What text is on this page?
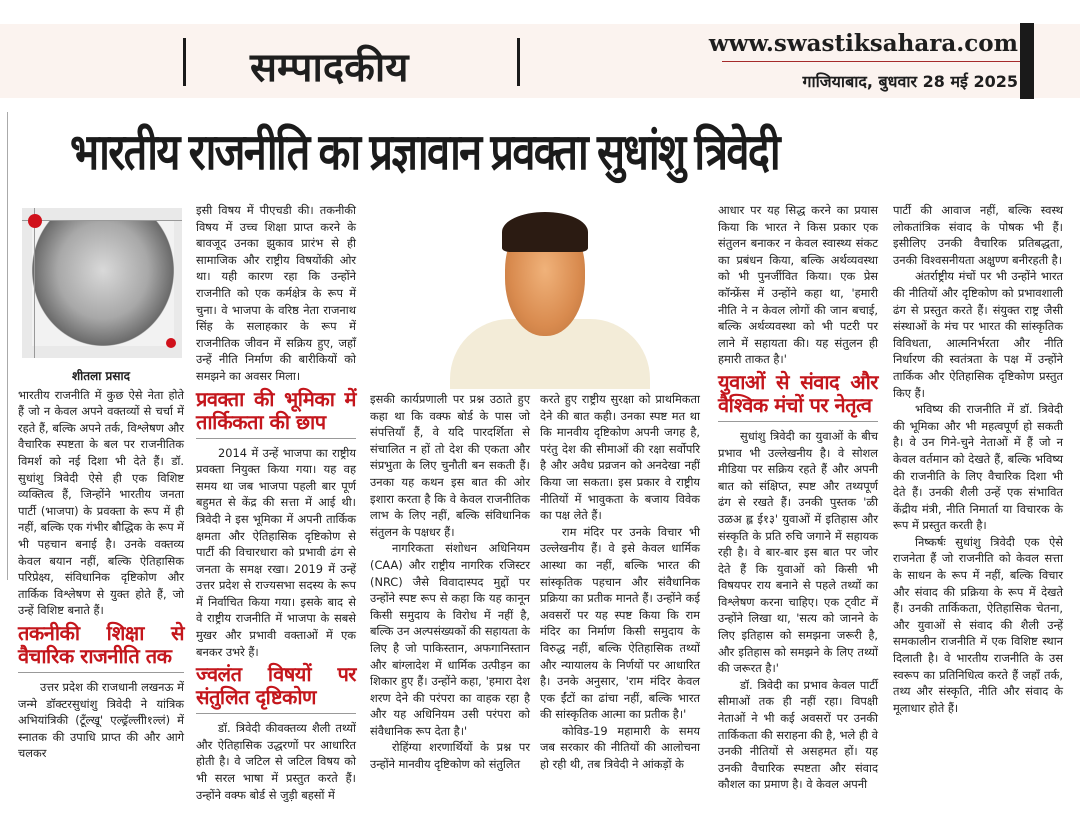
सम्पादकीय
www.swastiksahara.com
गाजियाबाद, बुधवार 28 मई 2025
भारतीय राजनीति का प्रज्ञावान प्रवक्ता सुधांशु त्रिवेदी
शीतला प्रसाद

भारतीय राजनीति में कुछ ऐसे नेता होते हैं जो न केवल अपने वक्तव्यों से चर्चा में रहते हैं, बल्कि अपने तर्क, विश्लेषण और वैचारिक स्पष्टता के बल पर राजनीतिक विमर्श को नई दिशा भी देते हैं। डॉ. सुधांशु त्रिवेदी ऐसे ही एक विशिष्ट व्यक्तित्व हैं, जिन्होंने भारतीय जनता पार्टी (भाजपा) के प्रवक्ता के रूप में ही नहीं, बल्कि एक गंभीर बौद्धिक के रूप में भी पहचान बनाई है। उनके वक्तव्य केवल बयान नहीं, बल्कि ऐतिहासिक परिप्रेक्ष्य, संविधानिक दृष्टिकोण और तार्किक विश्लेषण से युक्त होते हैं, जो उन्हें विशिष्ट बनाते हैं।

तकनीकी शिक्षा से वैचारिक राजनीति तक

उत्तर प्रदेश की राजधानी लखनऊ में जन्मे डॉक्टरसुधांशु त्रिवेदी ने यांत्रिक अभियांत्रिकी (टूँल्खू' एल्ढ्रॅल्लीी१ल्लं) में स्नातक की उपाधि प्राप्त की और आगे चलकर

इसी विषय में पीएचडी की। तकनीकी विषय में उच्च शिक्षा प्राप्त करने के बावजूद उनका झुकाव प्रारंभ से ही सामाजिक और राष्ट्रीय विषयोंकी ओर था। यही कारण रहा कि उन्होंने राजनीति को एक कर्मक्षेत्र के रूप में चुना। वे भाजपा के वरिष्ठ नेता राजनाथ सिंह के सलाहकार के रूप में राजनीतिक जीवन में सक्रिय हुए, जहाँ उन्हें नीति निर्माण की बारीकियों को समझने का अवसर मिला।

प्रवक्ता की भूमिका में तार्किकता की छाप

2014 में उन्हें भाजपा का राष्ट्रीय प्रवक्ता नियुक्त किया गया। यह वह समय था जब भाजपा पहली बार पूर्ण बहुमत से केंद्र की सत्ता में आई थी। त्रिवेदी ने इस भूमिका में अपनी तार्किक क्षमता और ऐतिहासिक दृष्टिकोण से पार्टी की विचारधारा को प्रभावी ढंग से जनता के समक्ष रखा। 2019 में उन्हें उत्तर प्रदेश से राज्यसभा सदस्य के रूप में निर्वाचित किया गया। इसके बाद से वे राष्ट्रीय राजनीति में भाजपा के सबसे मुखर और प्रभावी वक्ताओं में एक बनकर उभरे हैं।

ज्वलंत विषयों पर संतुलित दृष्टिकोण

डॉ. त्रिवेदी कीवक्तव्य शैली तथ्यों और ऐतिहासिक उद्धरणों पर आधारित होती है। वे जटिल से जटिल विषय को भी सरल भाषा में प्रस्तुत करते हैं। उन्होंने वक्फ बोर्ड से जुड़ी बहसों में

इसकी कार्यप्रणाली पर प्रश्न उठाते हुए कहा था कि वक्फ बोर्ड के पास जो संपत्तियाँ हैं, वे यदि पारदर्शिता से संचालित न हों तो देश की एकता और संप्रभुता के लिए चुनौती बन सकती हैं। उनका यह कथन इस बात की ओर इशारा करता है कि वे केवल राजनीतिक लाभ के लिए नहीं, बल्कि संविधानिक संतुलन के पक्षधर हैं।

नागरिकता संशोधन अधिनियम (CAA) और राष्ट्रीय नागरिक रजिस्टर (NRC) जैसे विवादास्पद मुद्दों पर उन्होंने स्पष्ट रूप से कहा कि यह कानून किसी समुदाय के विरोध में नहीं है, बल्कि उन अल्पसंख्यकों की सहायता के लिए है जो पाकिस्तान, अफगानिस्तान और बांग्लादेश में धार्मिक उत्पीड़न का शिकार हुए हैं। उन्होंने कहा, 'हमारा देश शरण देने की परंपरा का वाहक रहा है और यह अधिनियम उसी परंपरा को संवैधानिक रूप देता है।'

रोहिंग्या शरणार्थियों के प्रश्न पर उन्होंने मानवीय दृष्टिकोण को संतुलित

करते हुए राष्ट्रीय सुरक्षा को प्राथमिकता देने की बात कही। उनका स्पष्ट मत था कि मानवीय दृष्टिकोण अपनी जगह है, परंतु देश की सीमाओं की रक्षा सर्वोपरि है और अवैध प्रव्रजन को अनदेखा नहीं किया जा सकता। इस प्रकार वे राष्ट्रीय नीतियों में भावुकता के बजाय विवेक का पक्ष लेते हैं।

राम मंदिर पर उनके विचार भी उल्लेखनीय हैं। वे इसे केवल धार्मिक आस्था का नहीं, बल्कि भारत की सांस्कृतिक पहचान और संवैधानिक प्रक्रिया का प्रतीक मानते हैं। उन्होंने कई अवसरों पर यह स्पष्ट किया कि राम मंदिर का निर्माण किसी समुदाय के विरुद्ध नहीं, बल्कि ऐतिहासिक तथ्यों और न्यायालय के निर्णयों पर आधारित है। उनके अनुसार, 'राम मंदिर केवल एक ईंटों का ढांचा नहीं, बल्कि भारत की सांस्कृतिक आत्मा का प्रतीक है।'

कोविड-19 महामारी के समय जब सरकार की नीतियों की आलोचना हो रही थी, तब त्रिवेदी ने आंकड़ों के

आधार पर यह सिद्ध करने का प्रयास किया कि भारत ने किस प्रकार एक संतुलन बनाकर न केवल स्वास्थ्य संकट का प्रबंधन किया, बल्कि अर्थव्यवस्था को भी पुनर्जीवित किया। एक प्रेस कॉन्फ्रेंस में उन्होंने कहा था, 'हमारी नीति ने न केवल लोगों की जान बचाई, बल्कि अर्थव्यवस्था को भी पटरी पर लाने में सहायता की। यह संतुलन ही हमारी ताकत है।'

युवाओं से संवाद और वैश्विक मंचों पर नेतृत्व

सुधांशु त्रिवेदी का युवाओं के बीच प्रभाव भी उल्लेखनीय है। वे सोशल मीडिया पर सक्रिय रहते हैं और अपनी बात को संक्षिप्त, स्पष्ट और तथ्यपूर्ण ढंग से रखते हैं। उनकी पुस्तक 'ळी उळअ ह्ल ई१३' युवाओं में इतिहास और संस्कृति के प्रति रुचि जगाने में सहायक रही है। वे बार-बार इस बात पर जोर देते हैं कि युवाओं को किसी भी विषयपर राय बनाने से पहले तथ्यों का विश्लेषण करना चाहिए। एक ट्वीट में उन्होंने लिखा था, 'सत्य को जानने के लिए इतिहास को समझना जरूरी है, और इतिहास को समझने के लिए तथ्यों की जरूरत है।'

डॉ. त्रिवेदी का प्रभाव केवल पार्टी सीमाओं तक ही नहीं रहा। विपक्षी नेताओं ने भी कई अवसरों पर उनकी तार्किकता की सराहना की है, भले ही वे उनकी नीतियों से असहमत हों। यह उनकी वैचारिक स्पष्टता और संवाद कौशल का प्रमाण है। वे केवल अपनी

पार्टी की आवाज नहीं, बल्कि स्वस्थ लोकतांत्रिक संवाद के पोषक भी हैं। इसीलिए उनकी वैचारिक प्रतिबद्धता, उनकी विश्वसनीयता अक्षुण्ण बनीरहती है।

अंतर्राष्ट्रीय मंचों पर भी उन्होंने भारत की नीतियों और दृष्टिकोण को प्रभावशाली ढंग से प्रस्तुत करते हैं। संयुक्त राष्ट्र जैसी संस्थाओं के मंच पर भारत की सांस्कृतिक विविधता, आत्मनिर्भरता और नीति निर्धारण की स्वतंत्रता के पक्ष में उन्होंने तार्किक और ऐतिहासिक दृष्टिकोण प्रस्तुत किए हैं।

भविष्य की राजनीति में डॉ. त्रिवेदी की भूमिका और भी महत्वपूर्ण हो सकती है। वे उन गिने-चुने नेताओं में हैं जो न केवल वर्तमान को देखते हैं, बल्कि भविष्य की राजनीति के लिए वैचारिक दिशा भी देते हैं। उनकी शैली उन्हें एक संभावित केंद्रीय मंत्री, नीति निमार्ता या विचारक के रूप में प्रस्तुत करती है।

निष्कर्षः सुधांशु त्रिवेदी एक ऐसे राजनेता हैं जो राजनीति को केवल सत्ता के साधन के रूप में नहीं, बल्कि विचार और संवाद की प्रक्रिया के रूप में देखते हैं। उनकी तार्किकता, ऐतिहासिक चेतना, और युवाओं से संवाद की शैली उन्हें समकालीन राजनीति में एक विशिष्ट स्थान दिलाती है। वे भारतीय राजनीति के उस स्वरूप का प्रतिनिधित्व करते हैं जहाँ तर्क, तथ्य और संस्कृति, नीति और संवाद के मूलाधार होते हैं।
